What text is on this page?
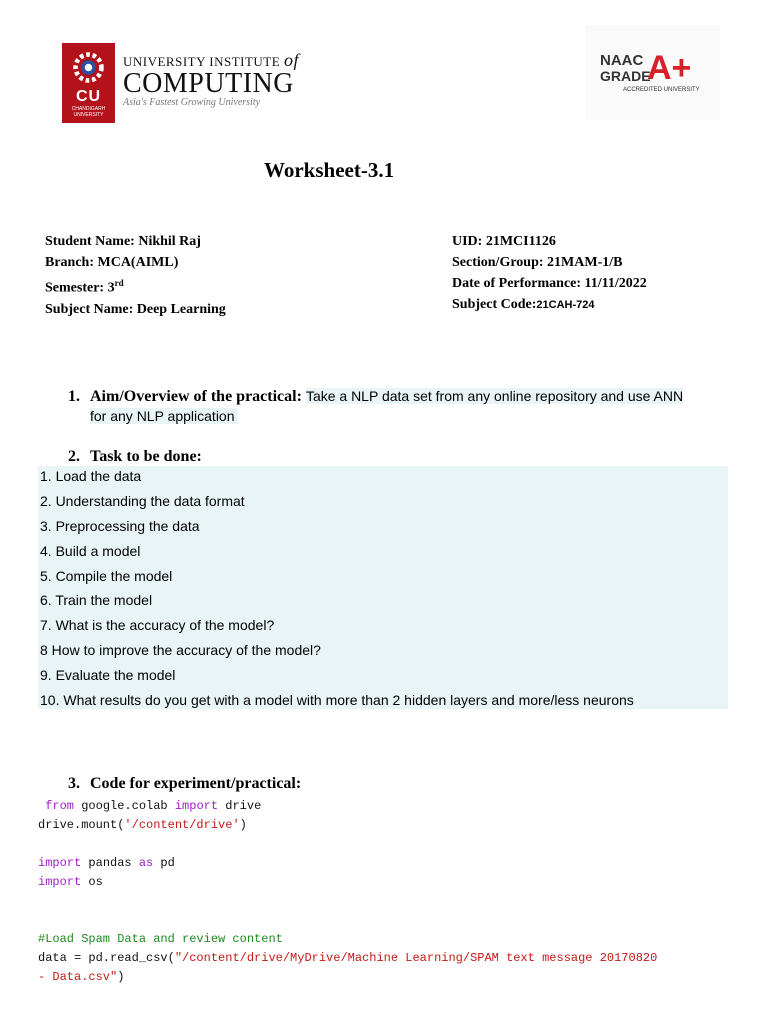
CU
CHANDIGARH UNIVERSITY
UNIVERSITY INSTITUTE of
COMPUTING
Asia's Fastest Growing University
NAAC
GRADE
A+
ACCREDITED UNIVERSITY
Worksheet-3.1
Student Name: Nikhil Raj
Branch: MCA(AIML)
Semester: 3rd
Subject Name: Deep Learning
UID: 21MCI1126
Section/Group: 21MAM-1/B
Date of Performance: 11/11/2022
Subject Code:21CAH-724
1. Aim/Overview of the practical: Take a NLP data set from any online repository and use ANN
for any NLP application
2. Task to be done:
1. Load the data
2. Understanding the data format
3. Preprocessing the data
4. Build a model
5. Compile the model
6. Train the model
7. What is the accuracy of the model?
8 How to improve the accuracy of the model?
9. Evaluate the model
10. What results do you get with a model with more than 2 hidden layers and more/less neurons
3. Code for experiment/practical:
from google.colab import drive
drive.mount('/content/drive')

import pandas as pd
import os

#Load Spam Data and review content
data = pd.read_csv("/content/drive/MyDrive/Machine Learning/SPAM text message 20170820
- Data.csv")
